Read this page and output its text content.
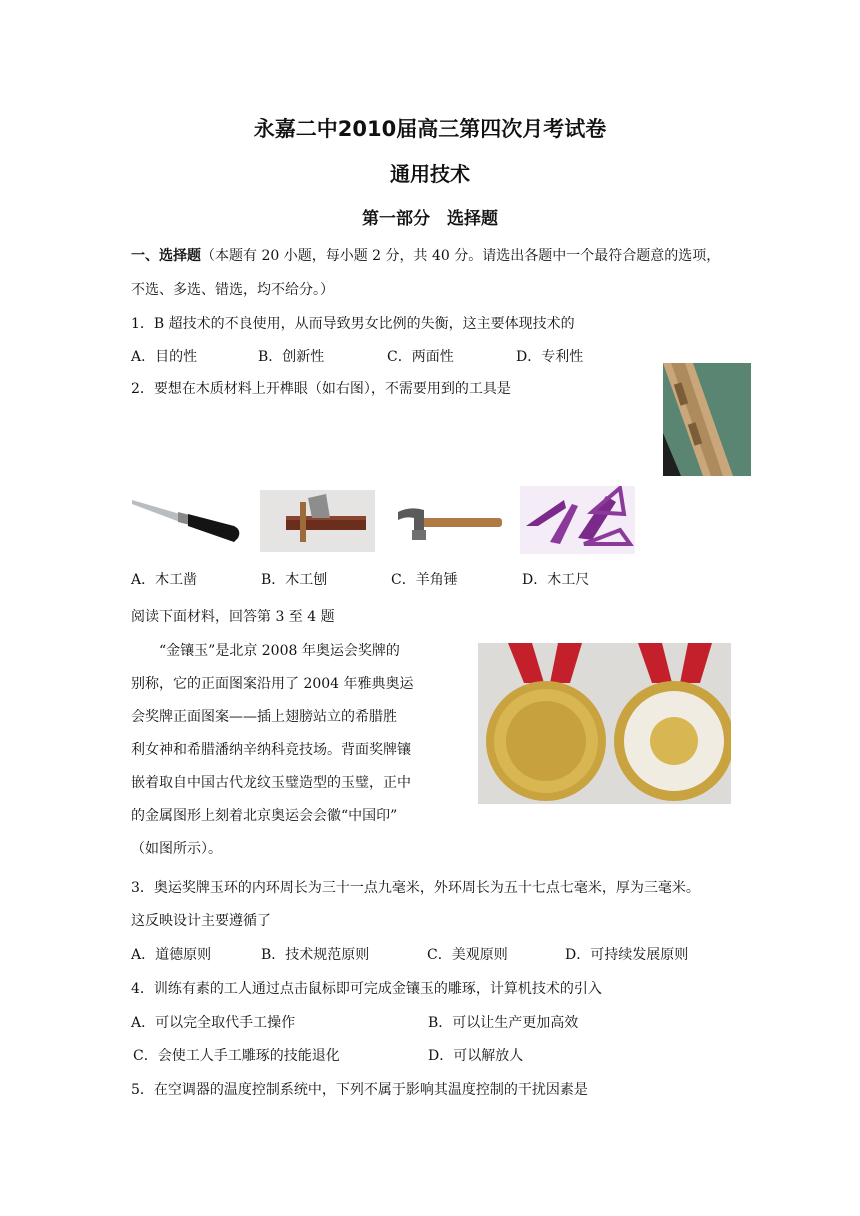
永嘉二中2010届高三第四次月考试卷
通用技术
第一部分　选择题
一、选择题（本题有 20 小题，每小题 2 分，共 40 分。请选出各题中一个最符合题意的选项，
不选、多选、错选，均不给分。）
1．B 超技术的不良使用，从而导致男女比例的失衡，这主要体现技术的
A．目的性	B．创新性	C．两面性	D．专利性
2．要想在木质材料上开榫眼（如右图），不需要用到的工具是
A．木工凿	B．木工刨	C．羊角锤	D．木工尺
阅读下面材料，回答第 3 至 4 题
“金镶玉”是北京 2008 年奥运会奖牌的
别称，它的正面图案沿用了 2004 年雅典奥运
会奖牌正面图案——插上翅膀站立的希腊胜
利女神和希腊潘纳辛纳科竞技场。背面奖牌镶
嵌着取自中国古代龙纹玉璧造型的玉璧，正中
的金属图形上刻着北京奥运会会徽“中国印”
（如图所示）。
3．奥运奖牌玉环的内环周长为三十一点九毫米，外环周长为五十七点七毫米，厚为三毫米。
这反映设计主要遵循了
A．道德原则	B．技术规范原则	C．美观原则	D．可持续发展原则
4．训练有素的工人通过点击鼠标即可完成金镶玉的雕琢，计算机技术的引入
A．可以完全取代手工操作	B．可以让生产更加高效
C．会使工人手工雕琢的技能退化	D．可以解放人
5．在空调器的温度控制系统中，下列不属于影响其温度控制的干扰因素是
